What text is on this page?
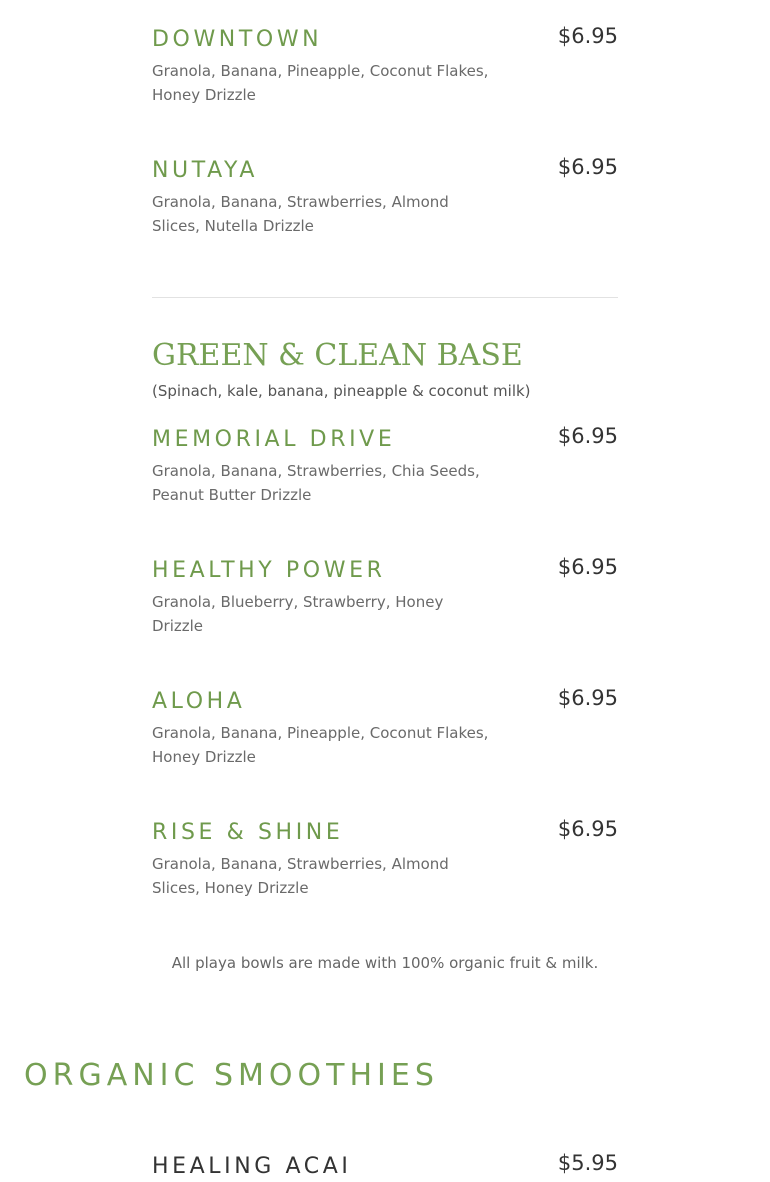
DOWNTOWN	$6.95
Granola, Banana, Pineapple, Coconut Flakes, Honey Drizzle
NUTAYA	$6.95
Granola, Banana, Strawberries, Almond Slices, Nutella Drizzle
GREEN & CLEAN BASE
(Spinach, kale, banana, pineapple & coconut milk)
MEMORIAL DRIVE	$6.95
Granola, Banana, Strawberries, Chia Seeds, Peanut Butter Drizzle
HEALTHY POWER	$6.95
Granola, Blueberry, Strawberry, Honey Drizzle
ALOHA	$6.95
Granola, Banana, Pineapple, Coconut Flakes, Honey Drizzle
RISE & SHINE	$6.95
Granola, Banana, Strawberries, Almond Slices, Honey Drizzle
All playa bowls are made with 100% organic fruit & milk.
ORGANIC SMOOTHIES
HEALING ACAI	$5.95
